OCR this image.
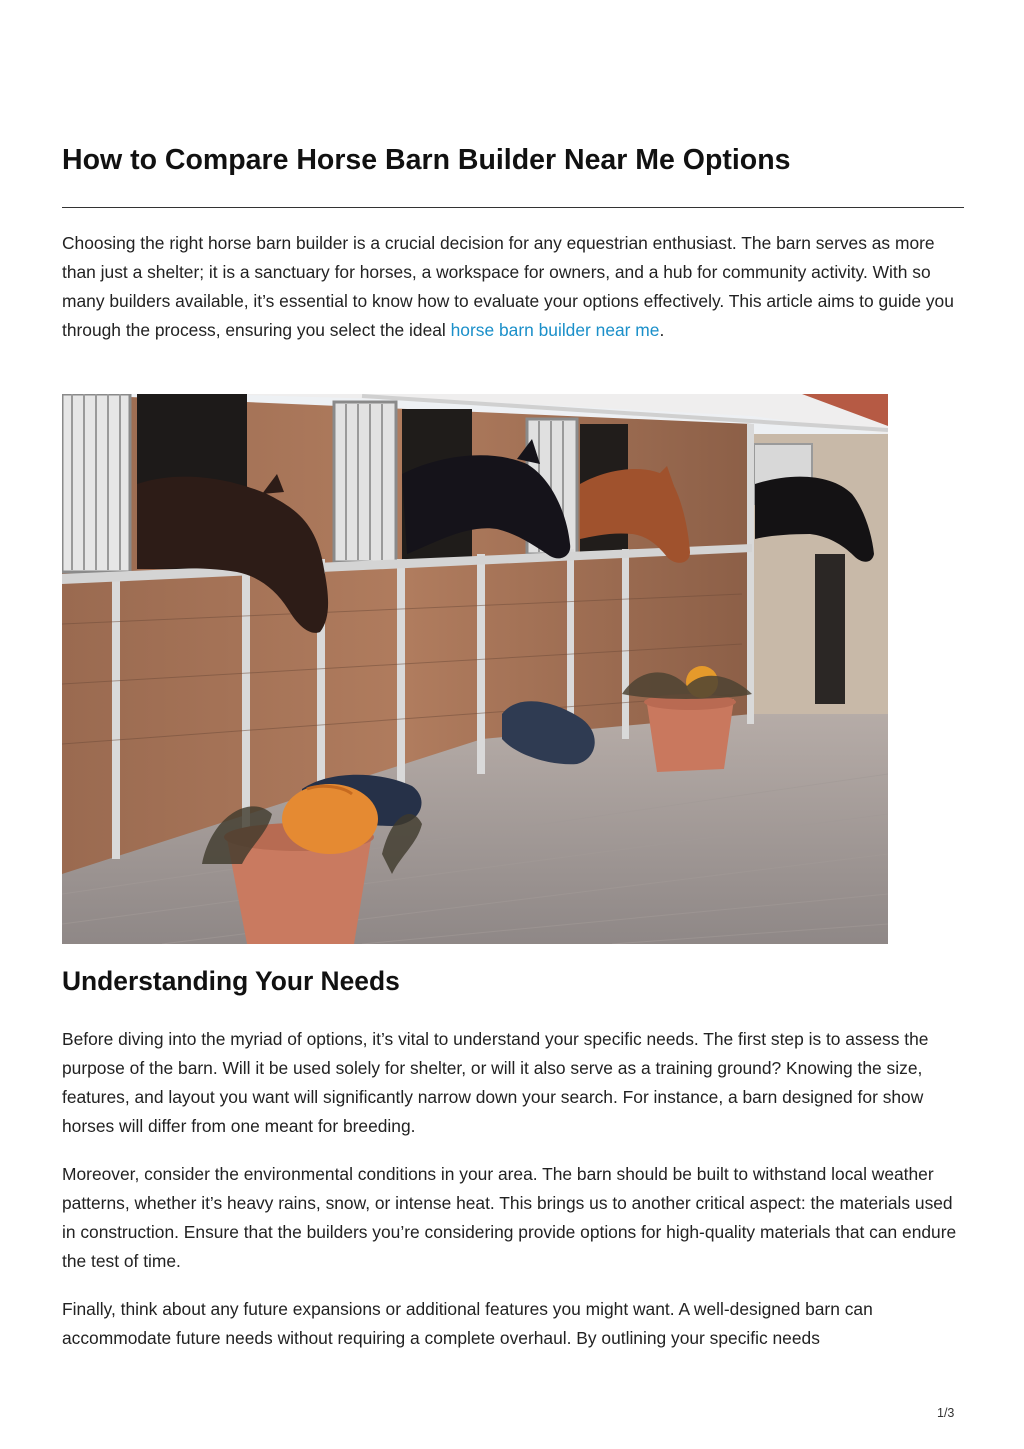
How to Compare Horse Barn Builder Near Me Options

Choosing the right horse barn builder is a crucial decision for any equestrian enthusiast. The barn serves as more than just a shelter; it is a sanctuary for horses, a workspace for owners, and a hub for community activity. With so many builders available, it’s essential to know how to evaluate your options effectively. This article aims to guide you through the process, ensuring you select the ideal horse barn builder near me.

Understanding Your Needs

Before diving into the myriad of options, it’s vital to understand your specific needs. The first step is to assess the purpose of the barn. Will it be used solely for shelter, or will it also serve as a training ground? Knowing the size, features, and layout you want will significantly narrow down your search. For instance, a barn designed for show horses will differ from one meant for breeding.

Moreover, consider the environmental conditions in your area. The barn should be built to withstand local weather patterns, whether it’s heavy rains, snow, or intense heat. This brings us to another critical aspect: the materials used in construction. Ensure that the builders you’re considering provide options for high-quality materials that can endure the test of time.

Finally, think about any future expansions or additional features you might want. A well-designed barn can accommodate future needs without requiring a complete overhaul. By outlining your specific needs

1/3
